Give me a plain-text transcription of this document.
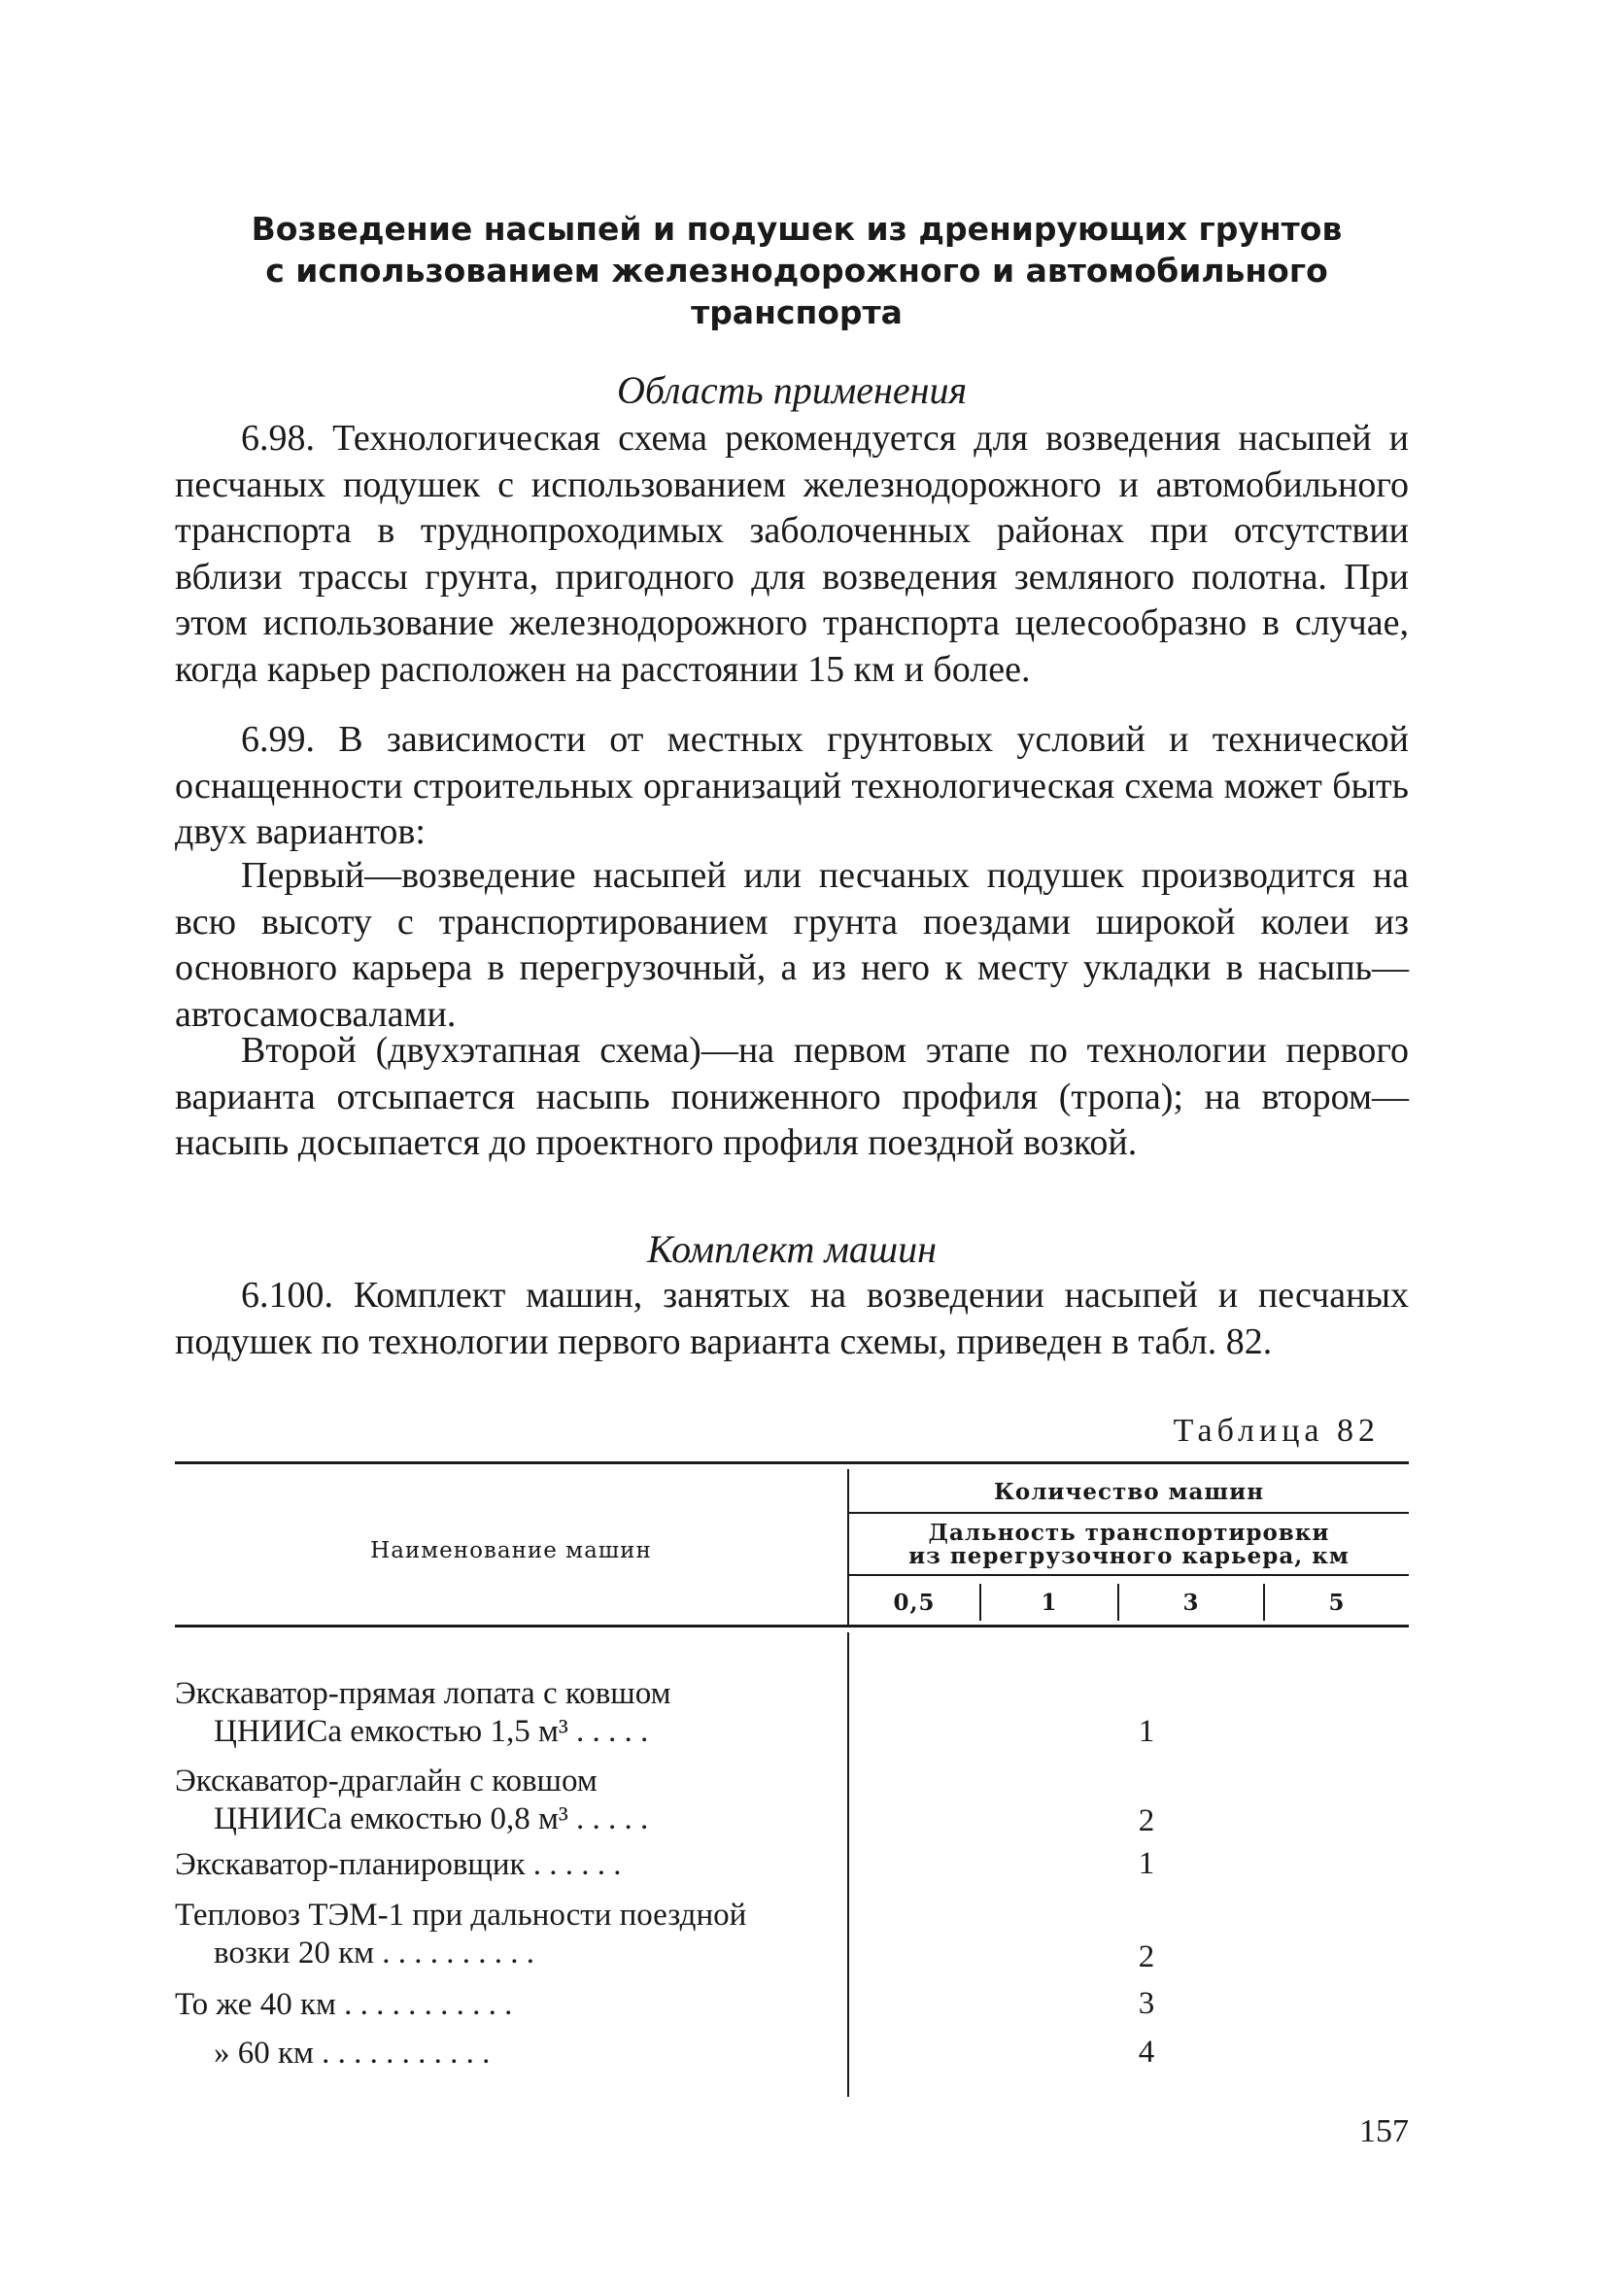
Возведение насыпей и подушек из дренирующих грунтов
с использованием железнодорожного и автомобильного
транспорта
Область применения

6.98. Технологическая схема рекомендуется для возведения насыпей и песчаных подушек с использованием железнодорожного и автомобильного транспорта в труднопроходимых заболоченных районах при отсутствии вблизи трассы грунта, пригодного для возведения земляного полотна. При этом использование железнодорожного транспорта целесообразно в случае, когда карьер расположен на расстоянии 15 км и более.

6.99. В зависимости от местных грунтовых условий и технической оснащенности строительных организаций технологическая схема может быть двух вариантов:

Первый—возведение насыпей или песчаных подушек производится на всю высоту с транспортированием грунта поездами широкой колеи из основного карьера в перегрузочный, а из него к месту укладки в насыпь—автосамосвалами.

Второй (двухэтапная схема)—на первом этапе по технологии первого варианта отсыпается насыпь пониженного профиля (тропа); на втором—насыпь досыпается до проектного профиля поездной возкой.

Комплект машин

6.100. Комплект машин, занятых на возведении насыпей и песчаных подушек по технологии первого варианта схемы, приведен в табл. 82.

Таблица 82
Наименование машин
Количество машин
Дальность транспортировки
из перегрузочного карьера, км
0,5	1	3	5
Экскаватор-прямая лопата с ковшом
ЦНИИСа емкостью 1,5 м³ . . . . .	1
Экскаватор-драглайн с ковшом
ЦНИИСа емкостью 0,8 м³ . . . . .	2
Экскаватор-планировщик . . . . . .	1
Тепловоз ТЭМ-1 при дальности поездной
возки 20 км . . . . . . . . . .	2
То же 40 км . . . . . . . . . . .	3
» 60 км . . . . . . . . . . .	4
157
